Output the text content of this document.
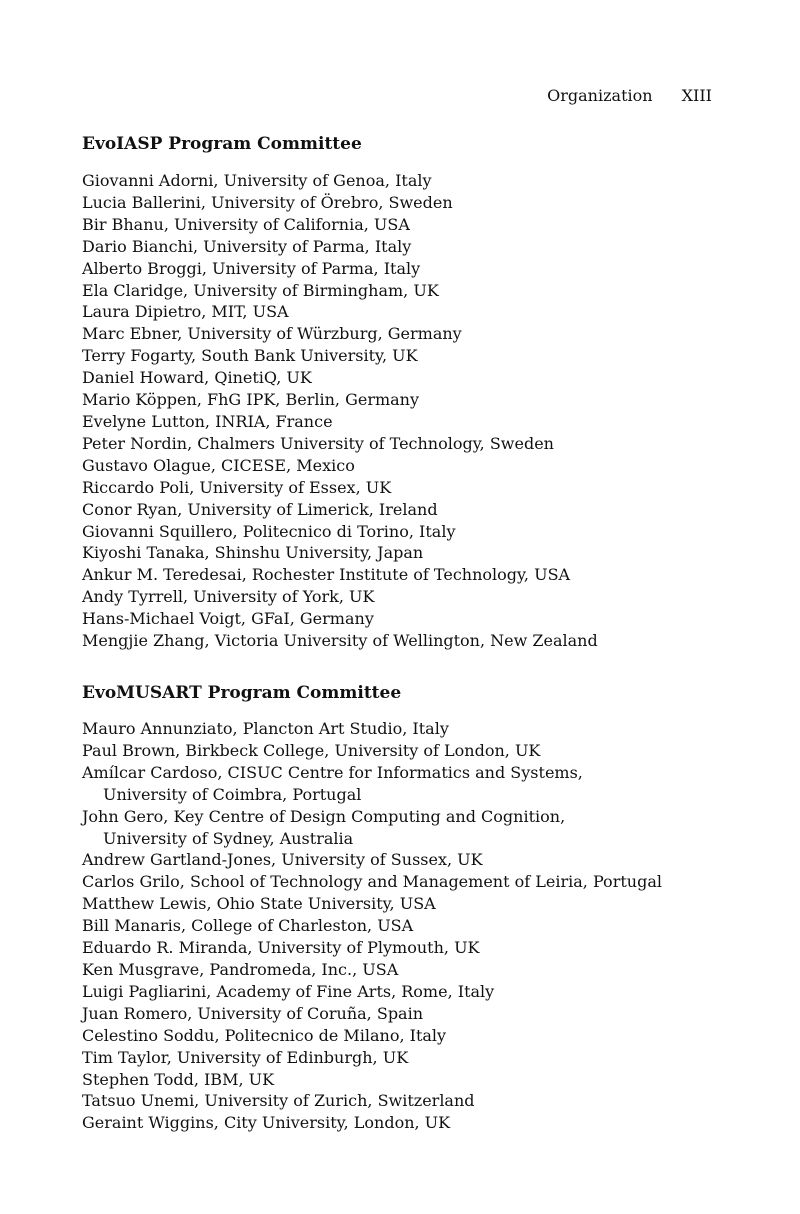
Organization XIII
EvoIASP Program Committee
Giovanni Adorni, University of Genoa, Italy
Lucia Ballerini, University of Örebro, Sweden
Bir Bhanu, University of California, USA
Dario Bianchi, University of Parma, Italy
Alberto Broggi, University of Parma, Italy
Ela Claridge, University of Birmingham, UK
Laura Dipietro, MIT, USA
Marc Ebner, University of Würzburg, Germany
Terry Fogarty, South Bank University, UK
Daniel Howard, QinetiQ, UK
Mario Köppen, FhG IPK, Berlin, Germany
Evelyne Lutton, INRIA, France
Peter Nordin, Chalmers University of Technology, Sweden
Gustavo Olague, CICESE, Mexico
Riccardo Poli, University of Essex, UK
Conor Ryan, University of Limerick, Ireland
Giovanni Squillero, Politecnico di Torino, Italy
Kiyoshi Tanaka, Shinshu University, Japan
Ankur M. Teredesai, Rochester Institute of Technology, USA
Andy Tyrrell, University of York, UK
Hans-Michael Voigt, GFaI, Germany
Mengjie Zhang, Victoria University of Wellington, New Zealand
EvoMUSART Program Committee
Mauro Annunziato, Plancton Art Studio, Italy
Paul Brown, Birkbeck College, University of London, UK
Amílcar Cardoso, CISUC Centre for Informatics and Systems,
University of Coimbra, Portugal
John Gero, Key Centre of Design Computing and Cognition,
University of Sydney, Australia
Andrew Gartland-Jones, University of Sussex, UK
Carlos Grilo, School of Technology and Management of Leiria, Portugal
Matthew Lewis, Ohio State University, USA
Bill Manaris, College of Charleston, USA
Eduardo R. Miranda, University of Plymouth, UK
Ken Musgrave, Pandromeda, Inc., USA
Luigi Pagliarini, Academy of Fine Arts, Rome, Italy
Juan Romero, University of Coruña, Spain
Celestino Soddu, Politecnico de Milano, Italy
Tim Taylor, University of Edinburgh, UK
Stephen Todd, IBM, UK
Tatsuo Unemi, University of Zurich, Switzerland
Geraint Wiggins, City University, London, UK
